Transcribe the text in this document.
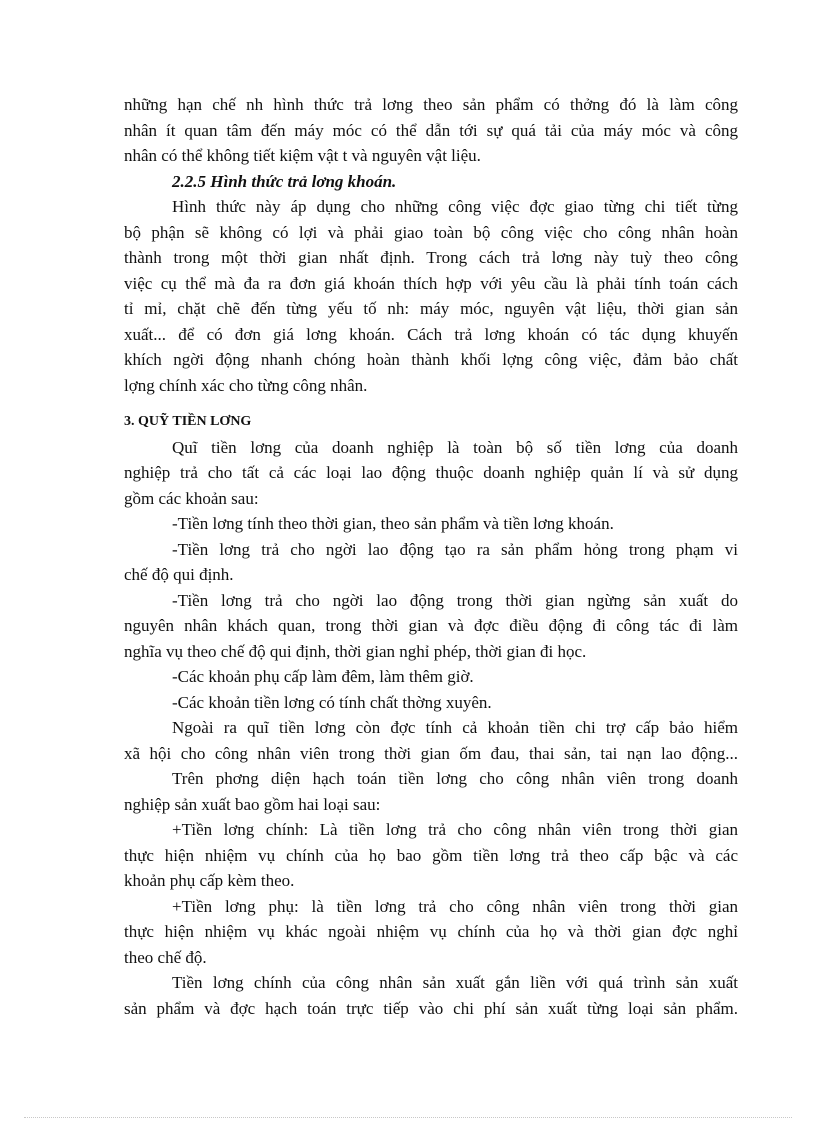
những hạn chế nh hình thức trả lơng theo sản phẩm có thởng đó là làm công
nhân ít quan tâm đến máy móc có thể dẫn tới sự quá tải của máy móc và công
nhân có thể không tiết kiệm vật t và nguyên vật liệu.
2.2.5 Hình thức trả lơng khoán.
Hình thức này áp dụng cho những công việc đợc giao từng chi tiết từng
bộ phận sẽ không có lợi và phải giao toàn bộ công việc cho công nhân hoàn
thành trong một thời gian nhất định. Trong cách trả lơng này tuỳ theo công
việc cụ thể mà đa ra đơn giá khoán thích hợp với yêu cầu là phải tính toán cách
tỉ mỉ, chặt chẽ đến từng yếu tố nh: máy móc, nguyên vật liệu, thời gian sản
xuất... để có đơn giá lơng khoán. Cách trả lơng khoán có tác dụng khuyến
khích ngời động nhanh chóng hoàn thành khối lợng công việc, đảm bảo chất
lợng chính xác cho từng công nhân.
3. QUỸ TIỀN LƠNG
Quĩ tiền lơng của doanh nghiệp là toàn bộ số tiền lơng của doanh
nghiệp trả cho tất cả các loại lao động thuộc doanh nghiệp quản lí và sử dụng
gồm các khoản sau:
-Tiền lơng tính theo thời gian, theo sản phẩm và tiền lơng khoán.
-Tiền lơng trả cho ngời lao động tạo ra sản phẩm hỏng trong phạm vi
chế độ qui định.
-Tiền lơng trả cho ngời lao động trong thời gian ngừng sản xuất do
nguyên nhân khách quan, trong thời gian và đợc điều động đi công tác đi làm
nghĩa vụ theo chế độ qui định, thời gian nghỉ phép, thời gian đi học.
-Các khoản phụ cấp làm đêm, làm thêm giờ.
-Các khoản tiền lơng có tính chất thờng xuyên.
Ngoài ra quĩ tiền lơng còn đợc tính cả khoản tiền chi trợ cấp bảo hiểm
xã hội cho công nhân viên trong thời gian ốm đau, thai sản, tai nạn lao động...
Trên phơng diện hạch toán tiền lơng cho công nhân viên trong doanh
nghiệp sản xuất bao gồm hai loại sau:
+Tiền lơng chính: Là tiền lơng trả cho công nhân viên trong thời gian
thực hiện nhiệm vụ chính của họ bao gồm tiền lơng trả theo cấp bậc và các
khoản phụ cấp kèm theo.
+Tiền lơng phụ: là tiền lơng trả cho công nhân viên trong thời gian
thực hiện nhiệm vụ khác ngoài nhiệm vụ chính của họ và thời gian đợc nghỉ
theo chế độ.
Tiền lơng chính của công nhân sản xuất gắn liền với quá trình sản xuất
sản phẩm và đợc hạch toán trực tiếp vào chi phí sản xuất từng loại sản phẩm.
